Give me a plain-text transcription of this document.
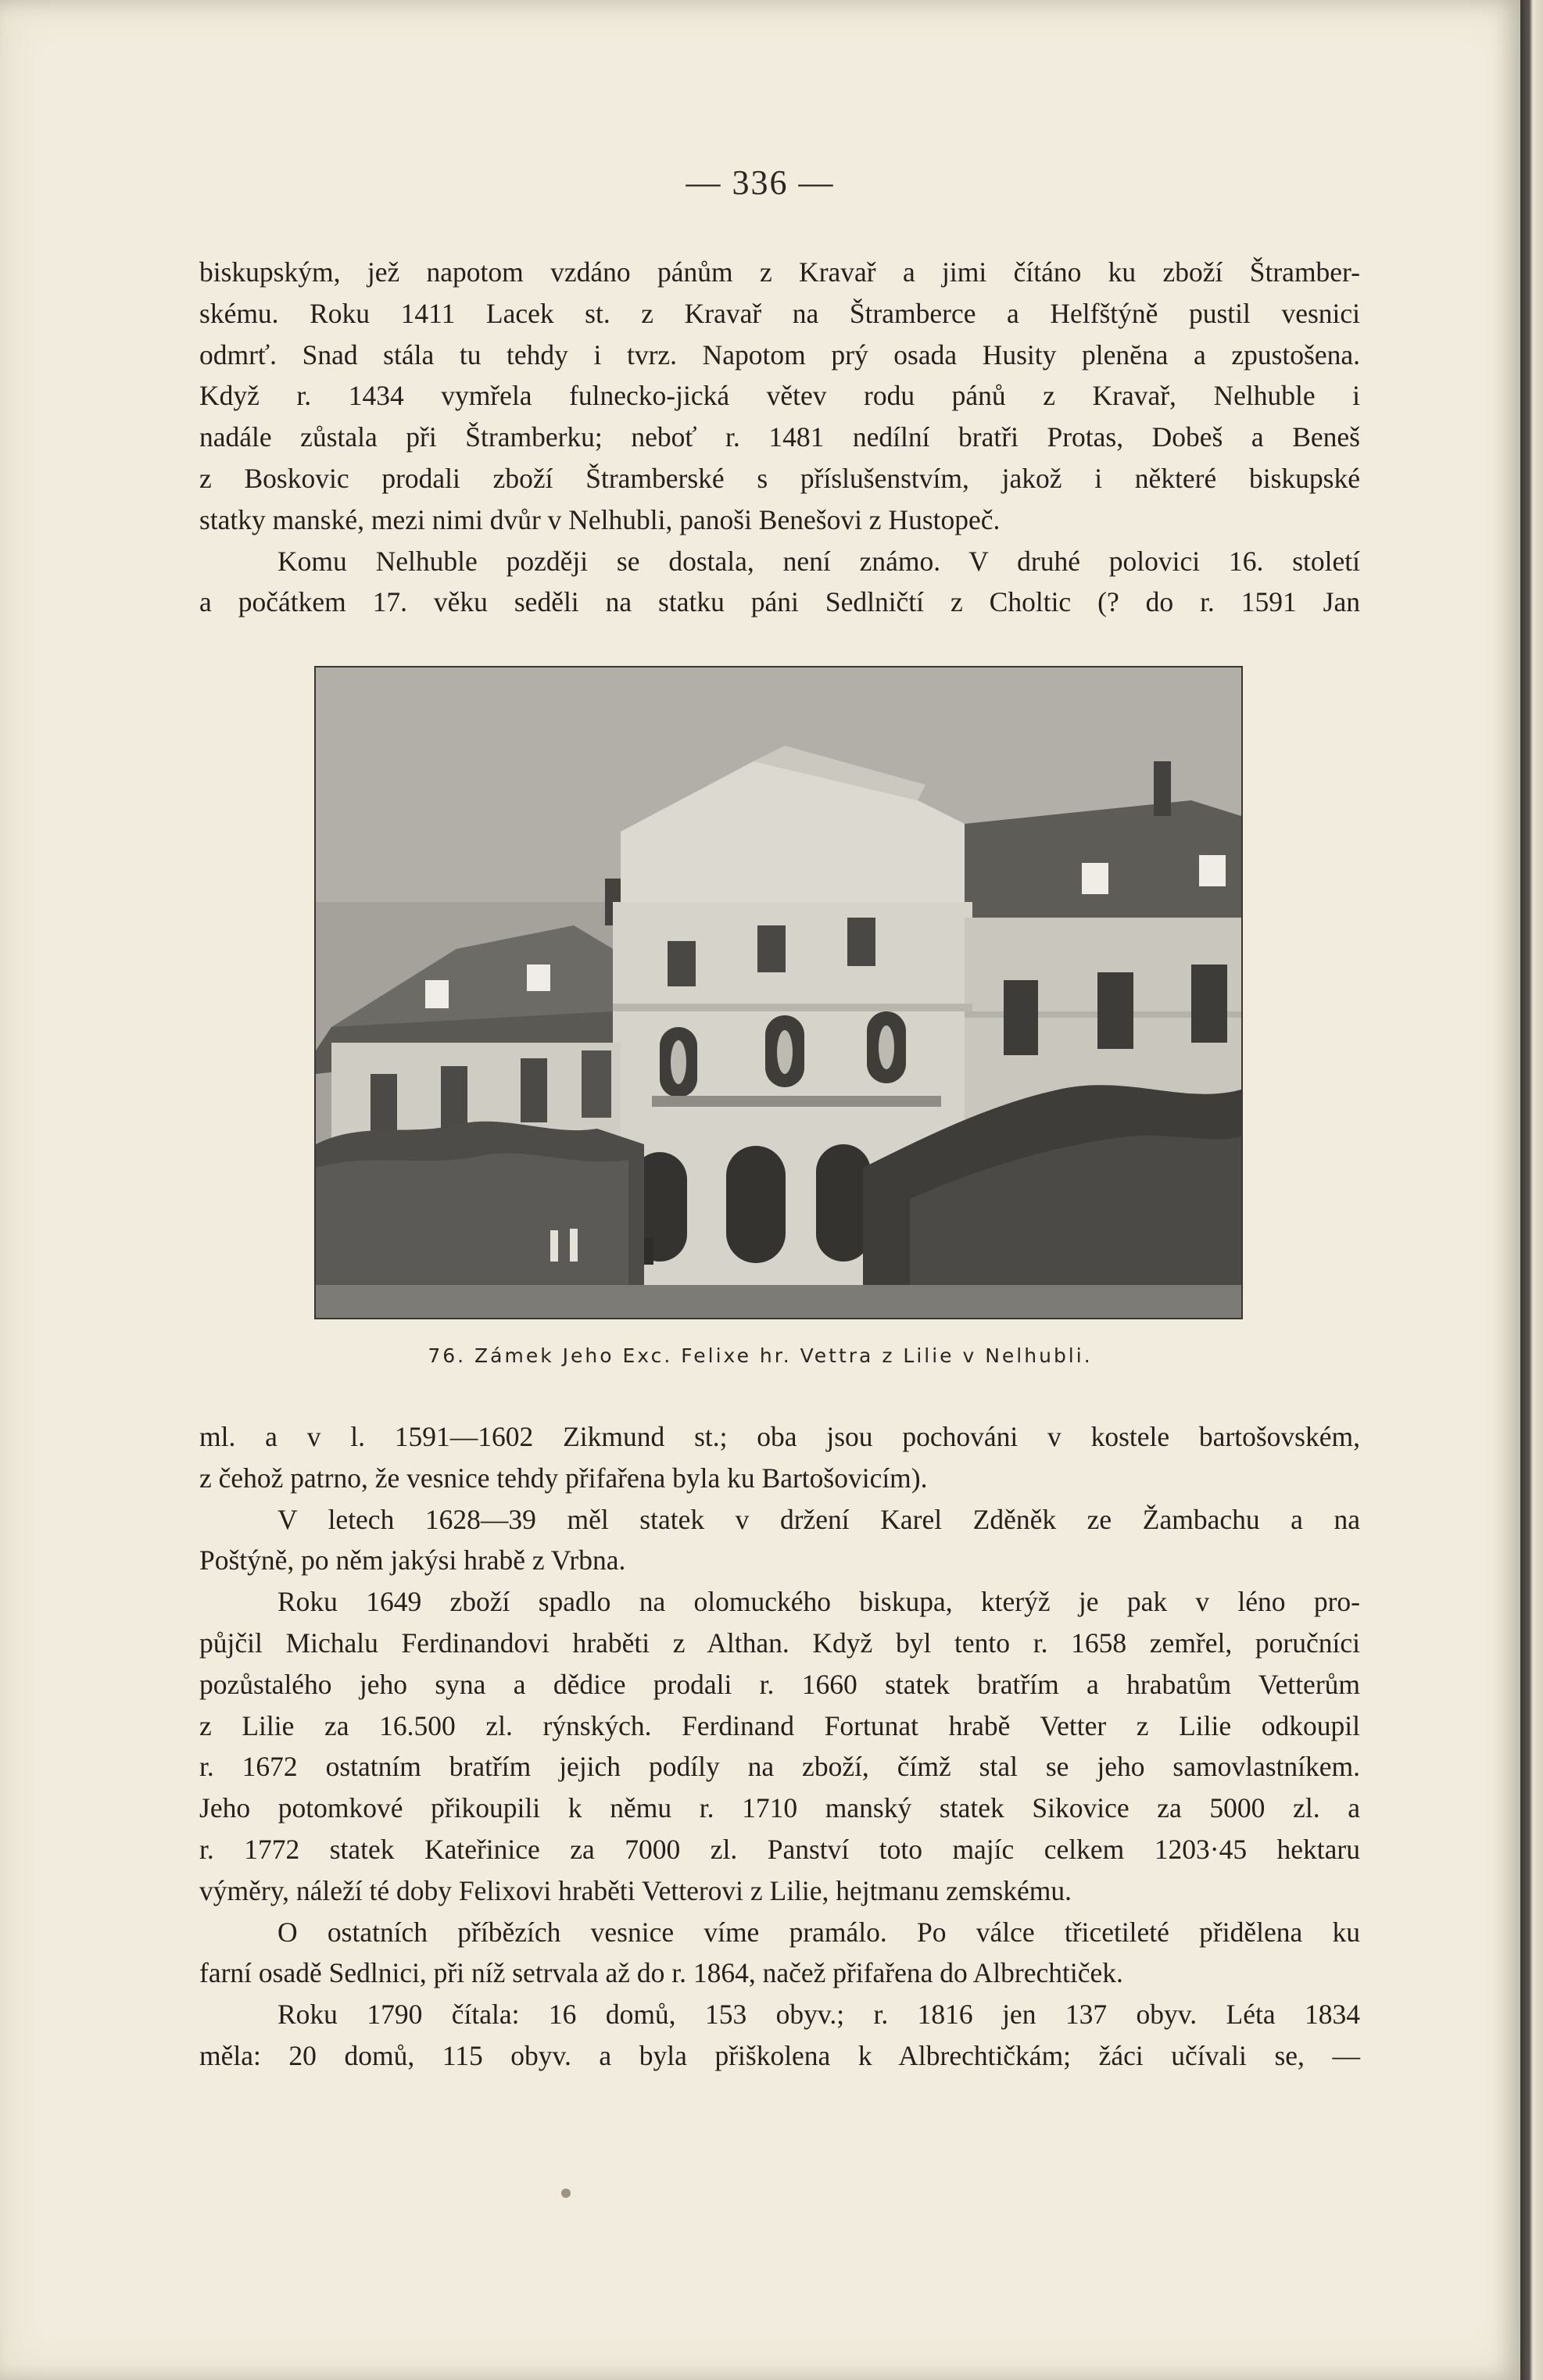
— 336 —

biskupským, jež napotom vzdáno pánům z Kravař a jimi čítáno ku zboží Štramber-
skému. Roku 1411 Lacek st. z Kravař na Štramberce a Helfštýně pustil vesnici
odmrť. Snad stála tu tehdy i tvrz. Napotom prý osada Husity plenĕna a zpustošena.
Když r. 1434 vymřela fulnecko-jická větev rodu pánů z Kravař, Nelhuble i
nadále zůstala při Štramberku; neboť r. 1481 nedílní bratři Protas, Dobeš a Beneš
z Boskovic prodali zboží Štramberské s příslušenstvím, jakož i některé biskupské
statky manské, mezi nimi dvůr v Nelhubli, panoši Benešovi z Hustopeč.

Komu Nelhuble později se dostala, není známo. V druhé polovici 16. století
a počátkem 17. věku seděli na statku páni Sedlničtí z Choltic (? do r. 1591 Jan

76. Zámek Jeho Exc. Felixe hr. Vettra z Lilie v Nelhubli.

ml. a v l. 1591—1602 Zikmund st.; oba jsou pochováni v kostele bartošovském,
z čehož patrno, že vesnice tehdy přifařena byla ku Bartošovicím).

V letech 1628—39 měl statek v držení Karel Zděněk ze Žambachu a na
Poštýně, po něm jakýsi hrabě z Vrbna.

Roku 1649 zboží spadlo na olomuckého biskupa, kterýž je pak v léno pro-
půjčil Michalu Ferdinandovi hraběti z Althan. Když byl tento r. 1658 zemřel, poručníci
pozůstalého jeho syna a dědice prodali r. 1660 statek bratřím a hrabatům Vetterům
z Lilie za 16.500 zl. rýnských. Ferdinand Fortunat hrabě Vetter z Lilie odkoupil
r. 1672 ostatním bratřím jejich podíly na zboží, čímž stal se jeho samovlastníkem.
Jeho potomkové přikoupili k němu r. 1710 manský statek Sikovice za 5000 zl. a
r. 1772 statek Kateřinice za 7000 zl. Panství toto majíc celkem 1203·45 hektaru
výměry, náleží té doby Felixovi hraběti Vetterovi z Lilie, hejtmanu zemskému.

O ostatních příbězích vesnice víme pramálo. Po válce třicetileté přidělena ku
farní osadě Sedlnici, při níž setrvala až do r. 1864, načež přifařena do Albrechtiček.

Roku 1790 čítala: 16 domů, 153 obyv.; r. 1816 jen 137 obyv. Léta 1834
měla: 20 domů, 115 obyv. a byla přiškolena k Albrechtičkám; žáci učívali se, —
